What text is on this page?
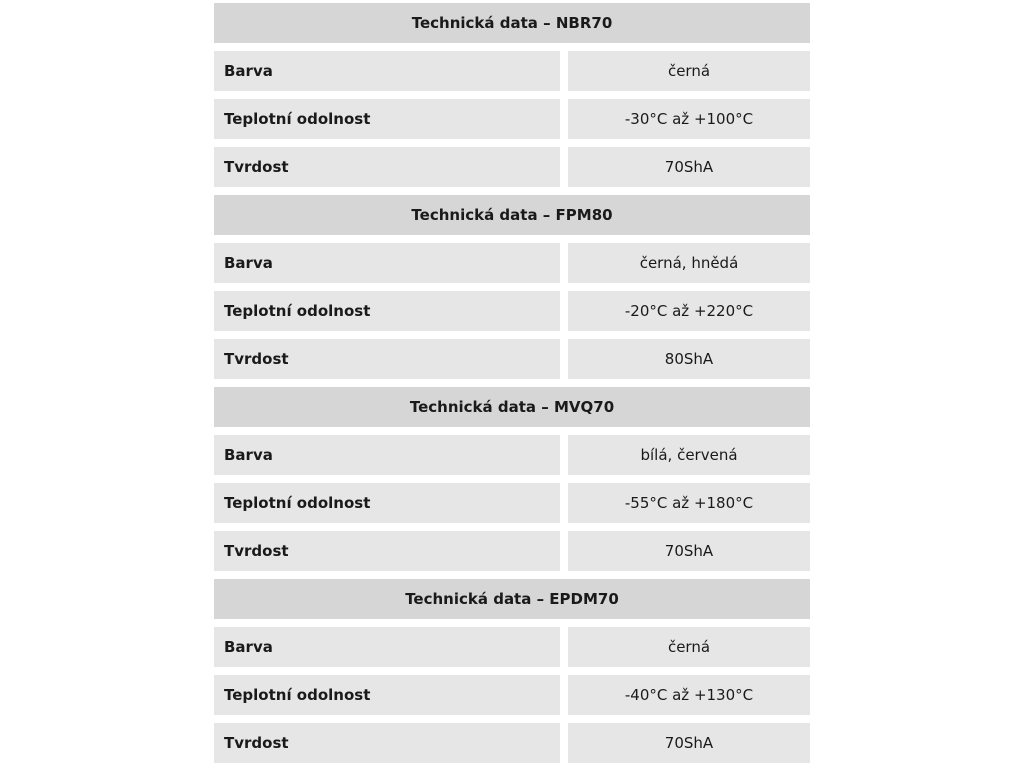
Technická data – NBR70
Barva	černá
Teplotní odolnost	-30°C až +100°C
Tvrdost	70ShA
Technická data – FPM80
Barva	černá, hnědá
Teplotní odolnost	-20°C až +220°C
Tvrdost	80ShA
Technická data – MVQ70
Barva	bílá, červená
Teplotní odolnost	-55°C až +180°C
Tvrdost	70ShA
Technická data – EPDM70
Barva	černá
Teplotní odolnost	-40°C až +130°C
Tvrdost	70ShA
